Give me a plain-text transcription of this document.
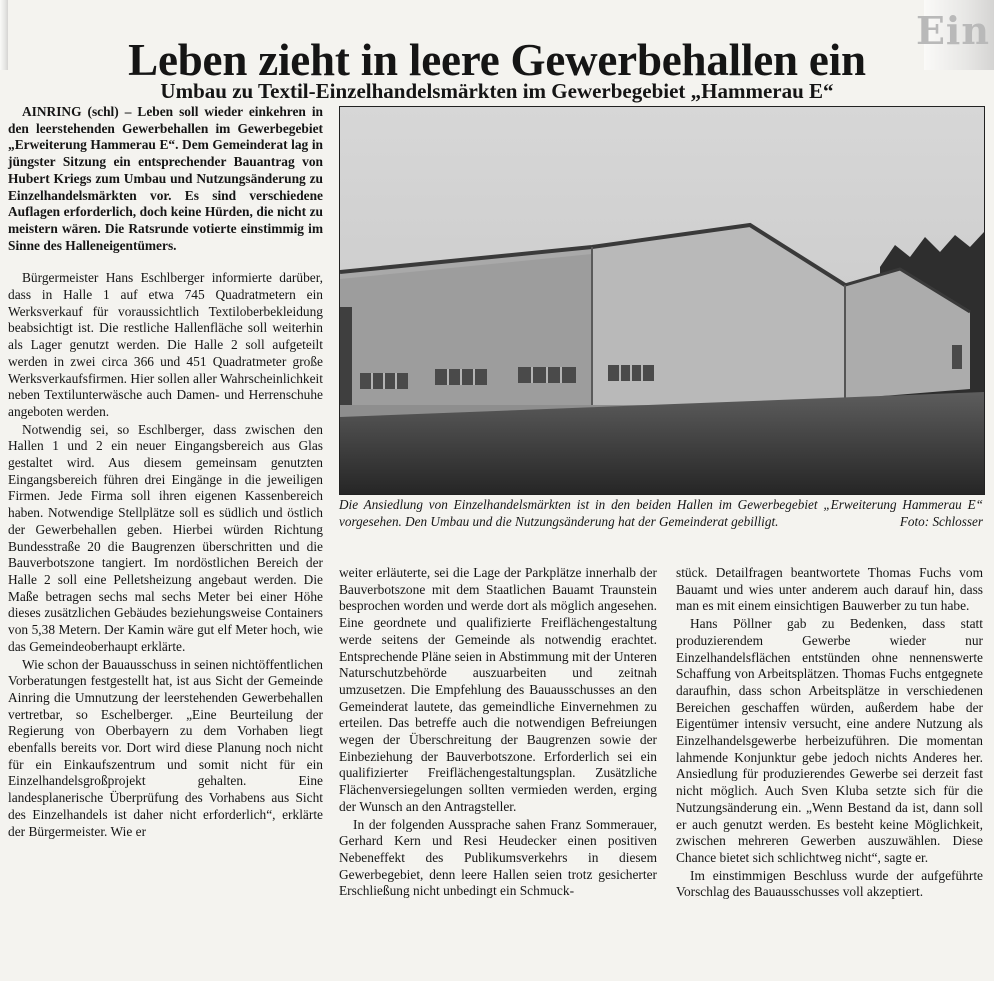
Ein
Leben zieht in leere Gewerbehallen ein
Umbau zu Textil-Einzelhandelsmärkten im Gewerbegebiet „Hammerau E“

AINRING (schl) – Leben soll wieder einkehren in den leerstehenden Gewerbehallen im Gewerbegebiet „Erweiterung Hammerau E“. Dem Gemeinderat lag in jüngster Sitzung ein entsprechender Bauantrag von Hubert Kriegs zum Umbau und Nutzungsänderung zu Einzelhandelsmärkten vor. Es sind verschiedene Auflagen erforderlich, doch keine Hürden, die nicht zu meistern wären. Die Ratsrunde votierte einstimmig im Sinne des Halleneigentümers.

Bürgermeister Hans Eschlberger informierte darüber, dass in Halle 1 auf etwa 745 Quadratmetern ein Werksverkauf für voraussichtlich Textiloberbekleidung beabsichtigt ist. Die restliche Hallenfläche soll weiterhin als Lager genutzt werden. Die Halle 2 soll aufgeteilt werden in zwei circa 366 und 451 Quadratmeter große Werksverkaufsfirmen. Hier sollen aller Wahrscheinlichkeit neben Textilunterwäsche auch Damen- und Herrenschuhe angeboten werden.

Notwendig sei, so Eschlberger, dass zwischen den Hallen 1 und 2 ein neuer Eingangsbereich aus Glas gestaltet wird. Aus diesem gemeinsam genutzten Eingangsbereich führen drei Eingänge in die jeweiligen Firmen. Jede Firma soll ihren eigenen Kassenbereich haben. Notwendige Stellplätze soll es südlich und östlich der Gewerbehallen geben. Hierbei würden Richtung Bundesstraße 20 die Baugrenzen überschritten und die Bauverbotszone tangiert. Im nordöstlichen Bereich der Halle 2 soll eine Pelletsheizung angebaut werden. Die Maße betragen sechs mal sechs Meter bei einer Höhe dieses zusätzlichen Gebäudes beziehungsweise Containers von 5,38 Metern. Der Kamin wäre gut elf Meter hoch, wie das Gemeindeoberhaupt erklärte.

Wie schon der Bauausschuss in seinen nichtöffentlichen Vorberatungen festgestellt hat, ist aus Sicht der Gemeinde Ainring die Umnutzung der leerstehenden Gewerbehallen vertretbar, so Eschelberger. „Eine Beurteilung der Regierung von Oberbayern zu dem Vorhaben liegt ebenfalls bereits vor. Dort wird diese Planung noch nicht für ein Einkaufszentrum und somit nicht für ein Einzelhandelsgroßprojekt gehalten. Eine landesplanerische Überprüfung des Vorhabens aus Sicht des Einzelhandels ist daher nicht erforderlich“, erklärte der Bürgermeister. Wie er

Die Ansiedlung von Einzelhandelsmärkten ist in den beiden Hallen im Gewerbegebiet „Erweiterung Hammerau E“ vorgesehen. Den Umbau und die Nutzungsänderung hat der Gemeinderat gebilligt.	Foto: Schlosser

weiter erläuterte, sei die Lage der Parkplätze innerhalb der Bauverbotszone mit dem Staatlichen Bauamt Traunstein besprochen worden und werde dort als möglich angesehen. Eine geordnete und qualifizierte Freiflächengestaltung werde seitens der Gemeinde als notwendig erachtet. Entsprechende Pläne seien in Abstimmung mit der Unteren Naturschutzbehörde auszuarbeiten und zeitnah umzusetzen. Die Empfehlung des Bauausschusses an den Gemeinderat lautete, das gemeindliche Einvernehmen zu erteilen. Das betreffe auch die notwendigen Befreiungen wegen der Überschreitung der Baugrenzen sowie der Einbeziehung der Bauverbotszone. Erforderlich sei ein qualifizierter Freiflächengestaltungsplan. Zusätzliche Flächenversiegelungen sollten vermieden werden, erging der Wunsch an den Antragsteller.

In der folgenden Aussprache sahen Franz Sommerauer, Gerhard Kern und Resi Heudecker einen positiven Nebeneffekt des Publikumsverkehrs in diesem Gewerbegebiet, denn leere Hallen seien trotz gesicherter Erschließung nicht unbedingt ein Schmuck-

stück. Detailfragen beantwortete Thomas Fuchs vom Bauamt und wies unter anderem auch darauf hin, dass man es mit einem einsichtigen Bauwerber zu tun habe.

Hans Pöllner gab zu Bedenken, dass statt produzierendem Gewerbe wieder nur Einzelhandelsflächen entstünden ohne nennenswerte Schaffung von Arbeitsplätzen. Thomas Fuchs entgegnete daraufhin, dass schon Arbeitsplätze in verschiedenen Bereichen geschaffen würden, außerdem habe der Eigentümer intensiv versucht, eine andere Nutzung als Einzelhandelsgewerbe herbeizuführen. Die momentan lahmende Konjunktur gebe jedoch nichts Anderes her. Ansiedlung für produzierendes Gewerbe sei derzeit fast nicht möglich. Auch Sven Kluba setzte sich für die Nutzungsänderung ein. „Wenn Bestand da ist, dann soll er auch genutzt werden. Es besteht keine Möglichkeit, zwischen mehreren Gewerben auszuwählen. Diese Chance bietet sich schlichtweg nicht“, sagte er.

Im einstimmigen Beschluss wurde der aufgeführte Vorschlag des Bauausschusses voll akzeptiert.
